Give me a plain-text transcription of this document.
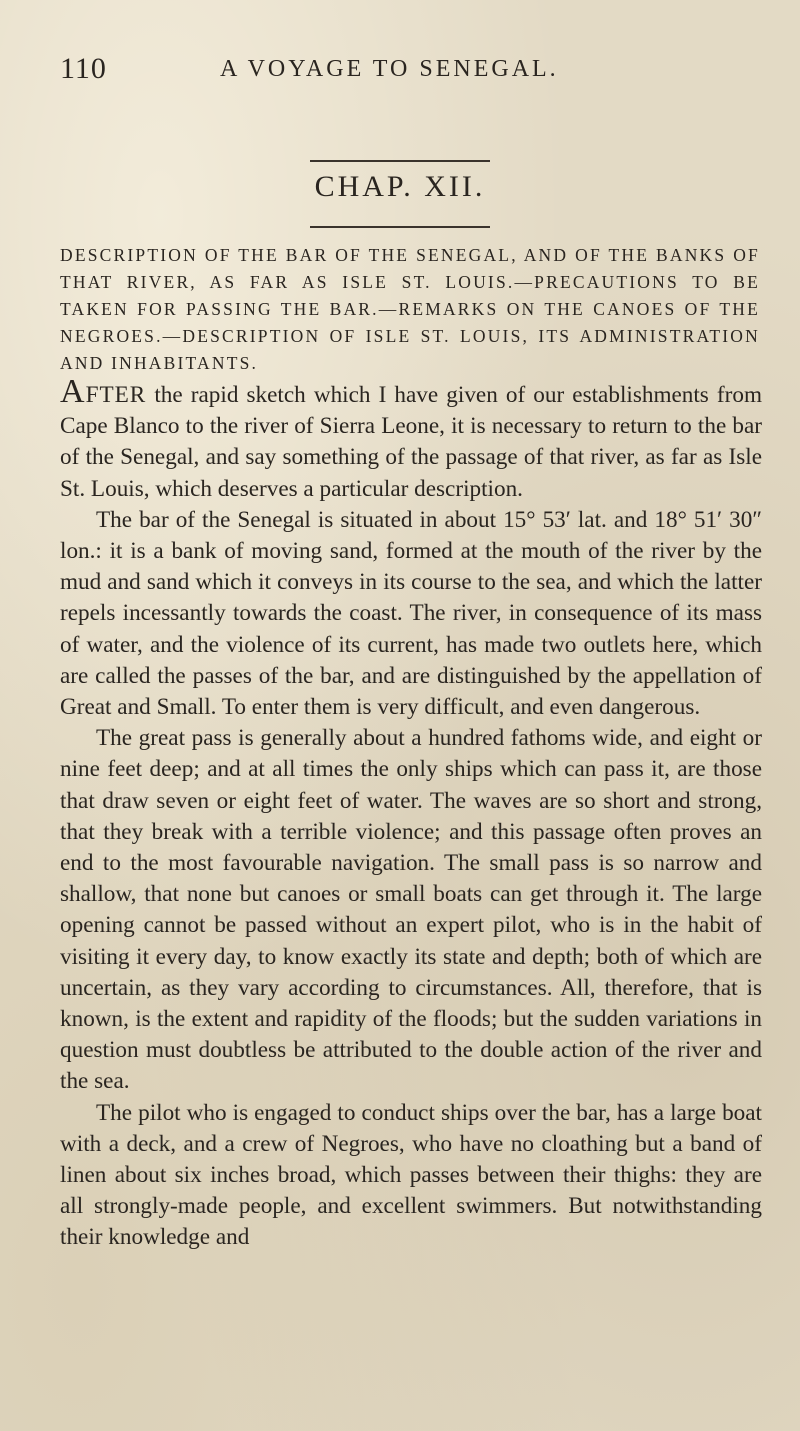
110	A VOYAGE TO SENEGAL.
CHAP. XII.
DESCRIPTION OF THE BAR OF THE SENEGAL, AND OF THE BANKS OF THAT RIVER, AS FAR AS ISLE ST. LOUIS.—PRECAUTIONS TO BE TAKEN FOR PASSING THE BAR.—REMARKS ON THE CANOES OF THE NEGROES.—DESCRIPTION OF ISLE ST. LOUIS, ITS ADMINISTRATION AND INHABITANTS.

AFTER the rapid sketch which I have given of our establishments from Cape Blanco to the river of Sierra Leone, it is necessary to return to the bar of the Senegal, and say something of the passage of that river, as far as Isle St. Louis, which deserves a particular description.

The bar of the Senegal is situated in about 15° 53′ lat. and 18° 51′ 30″ lon.: it is a bank of moving sand, formed at the mouth of the river by the mud and sand which it conveys in its course to the sea, and which the latter repels incessantly towards the coast. The river, in consequence of its mass of water, and the violence of its current, has made two outlets here, which are called the passes of the bar, and are distinguished by the appellation of Great and Small. To enter them is very difficult, and even dangerous.

The great pass is generally about a hundred fathoms wide, and eight or nine feet deep; and at all times the only ships which can pass it, are those that draw seven or eight feet of water. The waves are so short and strong, that they break with a terrible violence; and this passage often proves an end to the most favourable navigation. The small pass is so narrow and shallow, that none but canoes or small boats can get through it. The large opening cannot be passed without an expert pilot, who is in the habit of visiting it every day, to know exactly its state and depth; both of which are uncertain, as they vary according to circumstances. All, therefore, that is known, is the extent and rapidity of the floods; but the sudden variations in question must doubtless be attributed to the double action of the river and the sea.

The pilot who is engaged to conduct ships over the bar, has a large boat with a deck, and a crew of Negroes, who have no cloathing but a band of linen about six inches broad, which passes between their thighs: they are all strongly-made people, and excellent swimmers. But notwithstanding their knowledge and
